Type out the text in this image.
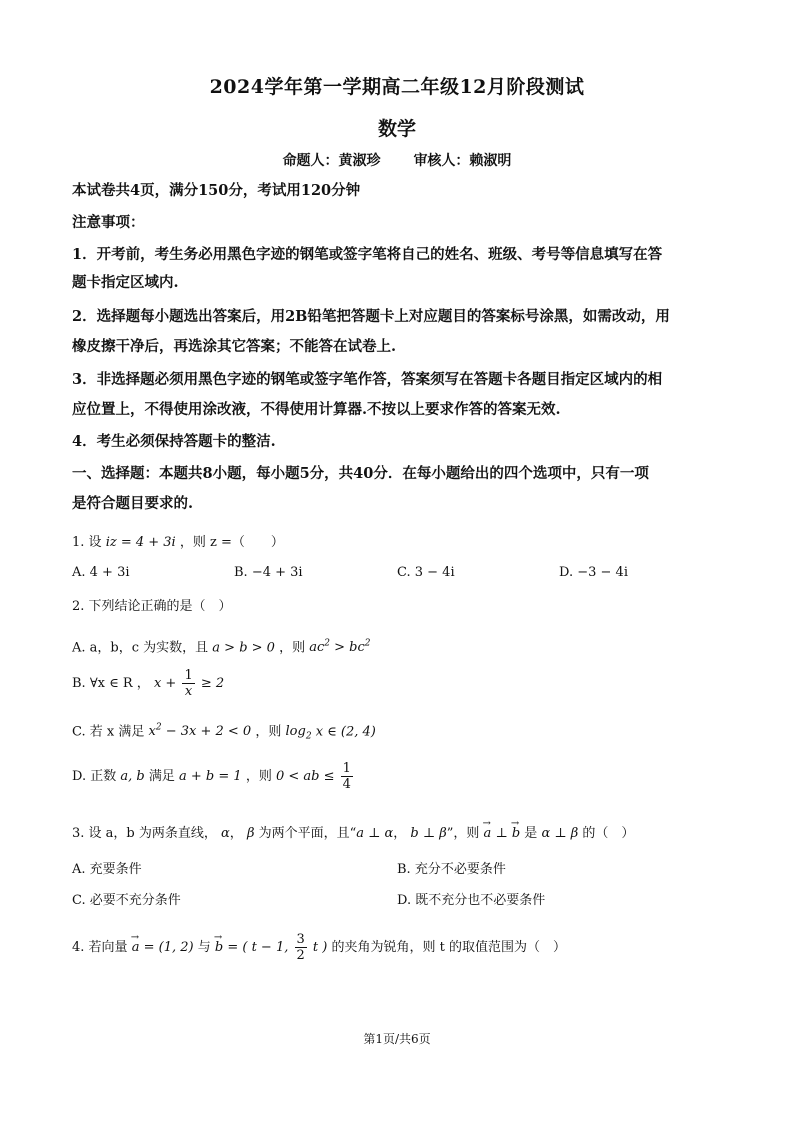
2024学年第一学期高二年级12月阶段测试
数学
命题人：黄淑珍 审核人：赖淑明
本试卷共4页，满分150分，考试用120分钟
注意事项：
1．开考前，考生务必用黑色字迹的钢笔或签字笔将自己的姓名、班级、考号等信息填写在答
题卡指定区域内.
2．选择题每小题选出答案后，用2B铅笔把答题卡上对应题目的答案标号涂黑，如需改动，用
橡皮擦干净后，再选涂其它答案；不能答在试卷上.
3．非选择题必须用黑色字迹的钢笔或签字笔作答，答案须写在答题卡各题目指定区域内的相
应位置上，不得使用涂改液，不得使用计算器.不按以上要求作答的答案无效.
4．考生必须保持答题卡的整洁.
一、选择题：本题共8小题，每小题5分，共40分．在每小题给出的四个选项中，只有一项
是符合题目要求的.
1. 设 iz = 4 + 3i ，则 z =（　　）
A. 4 + 3i	B. −4 + 3i	C. 3 − 4i	D. −3 − 4i
2. 下列结论正确的是（　）
A. a，b，c 为实数，且 a > b > 0 ，则 $ac^2 > bc^2$
B. ∀x ∈ R ， $x + \frac{1}{x} \ge 2$
C. 若 x 满足 $x^2 - 3x + 2 < 0$ ，则 $\log_2 x$ ∈ (2, 4)
D. 正数 a, b 满足 a + b = 1 ，则 0 < ab ≤ $\frac{1}{4}$
3. 设 a，b 为两条直线， α， β 为两个平面，且“a ⊥ α， b ⊥ β”，则 → a ⊥ → b 是 α ⊥ β 的（　）
A. 充要条件	B. 充分不必要条件
C. 必要不充分条件	D. 既不充分也不必要条件
4. 若向量 → a = (1, 2) 与 → b = ( t − 1, $\frac{3}{2}$ t ) 的夹角为锐角，则 t 的取值范围为（　）
第1页/共6页
